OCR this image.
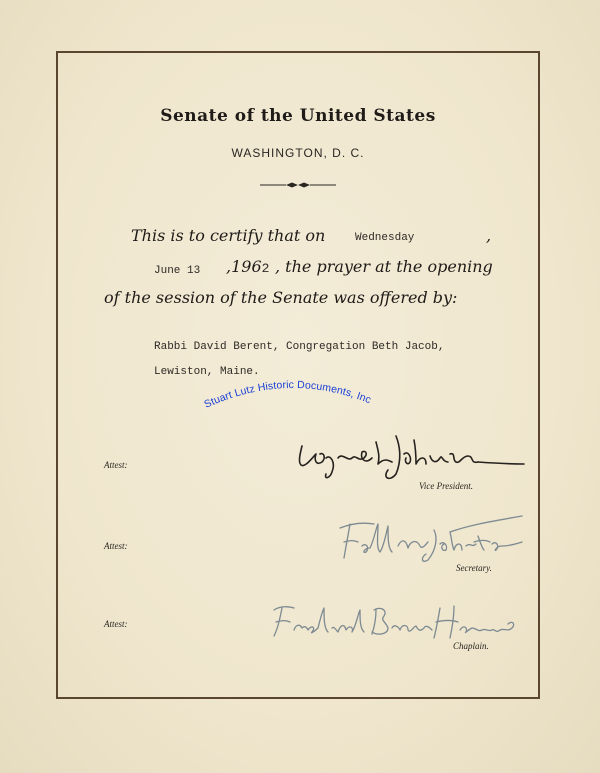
Senate of the United States
WASHINGTON, D. C.
This is to certify that on	Wednesday	,
June 13 ,1962 , the prayer at the opening
of the session of the Senate was offered by:
Rabbi David Berent, Congregation Beth Jacob,
Lewiston, Maine.
Stuart Lutz Historic Documents, Inc
Attest:
Vice President.
Attest:
Secretary.
Attest:
Chaplain.
